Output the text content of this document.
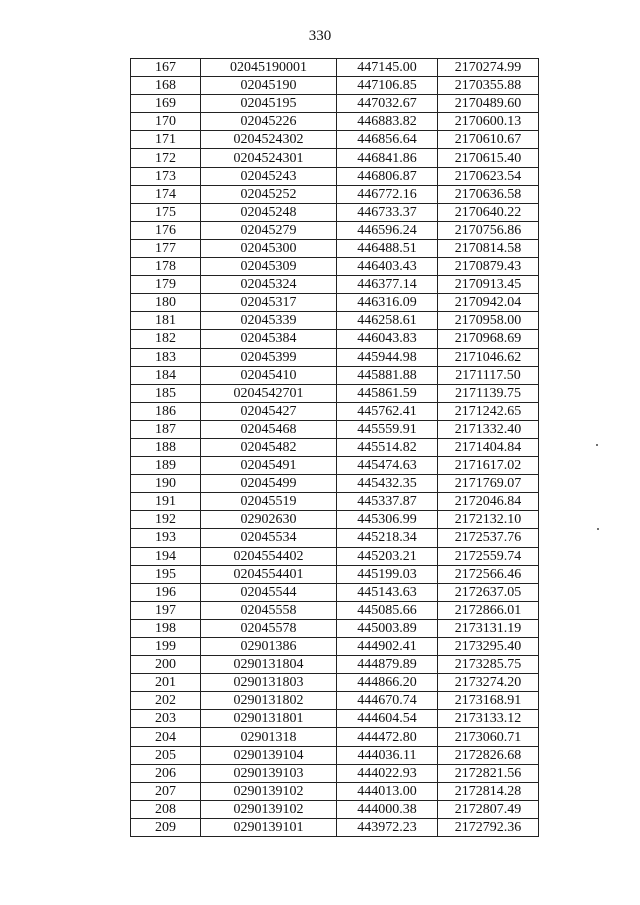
330
167	02045190001	447145.00	2170274.99
168	02045190	447106.85	2170355.88
169	02045195	447032.67	2170489.60
170	02045226	446883.82	2170600.13
171	0204524302	446856.64	2170610.67
172	0204524301	446841.86	2170615.40
173	02045243	446806.87	2170623.54
174	02045252	446772.16	2170636.58
175	02045248	446733.37	2170640.22
176	02045279	446596.24	2170756.86
177	02045300	446488.51	2170814.58
178	02045309	446403.43	2170879.43
179	02045324	446377.14	2170913.45
180	02045317	446316.09	2170942.04
181	02045339	446258.61	2170958.00
182	02045384	446043.83	2170968.69
183	02045399	445944.98	2171046.62
184	02045410	445881.88	2171117.50
185	0204542701	445861.59	2171139.75
186	02045427	445762.41	2171242.65
187	02045468	445559.91	2171332.40
188	02045482	445514.82	2171404.84
189	02045491	445474.63	2171617.02
190	02045499	445432.35	2171769.07
191	02045519	445337.87	2172046.84
192	02902630	445306.99	2172132.10
193	02045534	445218.34	2172537.76
194	0204554402	445203.21	2172559.74
195	0204554401	445199.03	2172566.46
196	02045544	445143.63	2172637.05
197	02045558	445085.66	2172866.01
198	02045578	445003.89	2173131.19
199	02901386	444902.41	2173295.40
200	0290131804	444879.89	2173285.75
201	0290131803	444866.20	2173274.20
202	0290131802	444670.74	2173168.91
203	0290131801	444604.54	2173133.12
204	02901318	444472.80	2173060.71
205	0290139104	444036.11	2172826.68
206	0290139103	444022.93	2172821.56
207	0290139102	444013.00	2172814.28
208	0290139102	444000.38	2172807.49
209	0290139101	443972.23	2172792.36
